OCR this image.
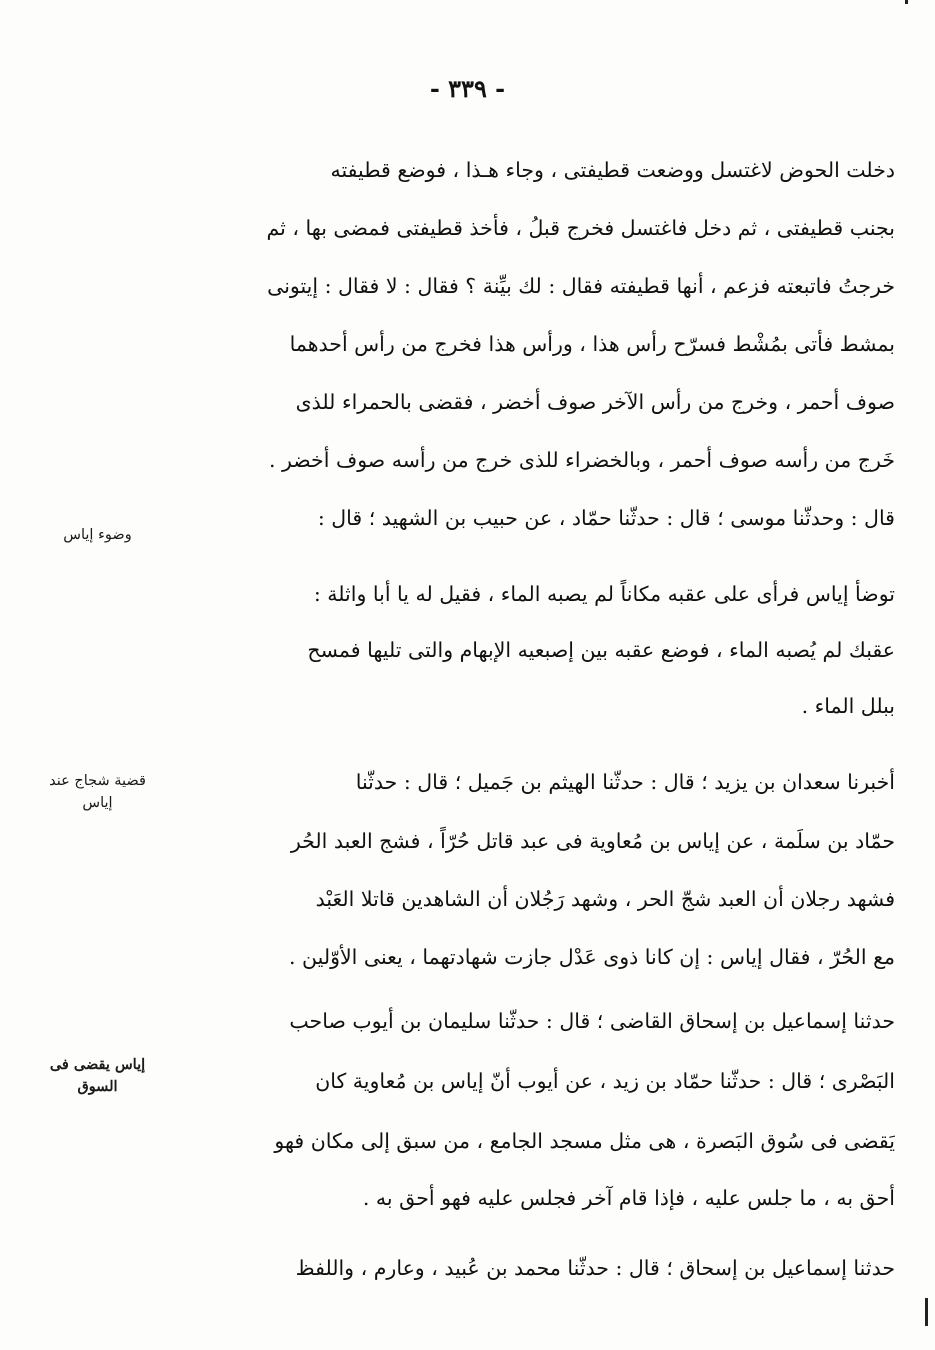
- ٣٣٩ -
دخلت الحوض لاغتسل ووضعت قطيفتى ، وجاء هـذا ، فوضع قطيفته
بجنب قطيفتى ، ثم دخل فاغتسل فخرج قبلُ ، فأخذ قطيفتى فمضى بها ، ثم
خرجتُ فاتبعته فزعم ، أنها قطيفته فقال : لك بيِّنة ؟ فقال : لا فقال : إيتونى
بمشط فأتى بمُشْط فسرّح رأس هذا ، ورأس هذا فخرج من رأس أحدهما
صوف أحمر ، وخرج من رأس الآخر صوف أخضر ، فقضى بالحمراء للذى
خَرج من رأسه صوف أحمر ، وبالخضراء للذى خرج من رأسه صوف أخضر .
قال : وحدثّنا موسى ؛ قال : حدثّنا حمّاد ، عن حبيب بن الشهيد ؛ قال :
توضأ إياس فرأى على عقبه مكاناً لم يصبه الماء ، فقيل له يا أبا واثلة :
عقبك لم يُصبه الماء ، فوضع عقبه بين إصبعيه الإبهام والتى تليها فمسح
ببلل الماء .
أخبرنا سعدان بن يزيد ؛ قال : حدثّنا الهيثم بن جَميل ؛ قال : حدثّنا
حمّاد بن سلَمة ، عن إياس بن مُعاوية فى عبد قاتل حُرّاً ، فشج العبد الحُر
فشهد رجلان أن العبد شجّ الحر ، وشهد رَجُلان أن الشاهدين قاتلا العَبْد
مع الحُرّ ، فقال إياس : إن كانا ذوى عَدْل جازت شهادتهما ، يعنى الأوّلين .
حدثنا إسماعيل بن إسحاق القاضى ؛ قال : حدثّنا سليمان بن أيوب صاحب
البَصْرى ؛ قال : حدثّنا حمّاد بن زيد ، عن أيوب أنّ إياس بن مُعاوية كان
يَقضى فى سُوق البَصرة ، هى مثل مسجد الجامع ، من سبق إلى مكان فهو
أحق به ، ما جلس عليه ، فإذا قام آخر فجلس عليه فهو أحق به .
حدثنا إسماعيل بن إسحاق ؛ قال : حدثّنا محمد بن عُبيد ، وعارم ، واللفظ
وضوء إياس
قضية شجاج عند
إياس
إياس يقضى فى
السوق
